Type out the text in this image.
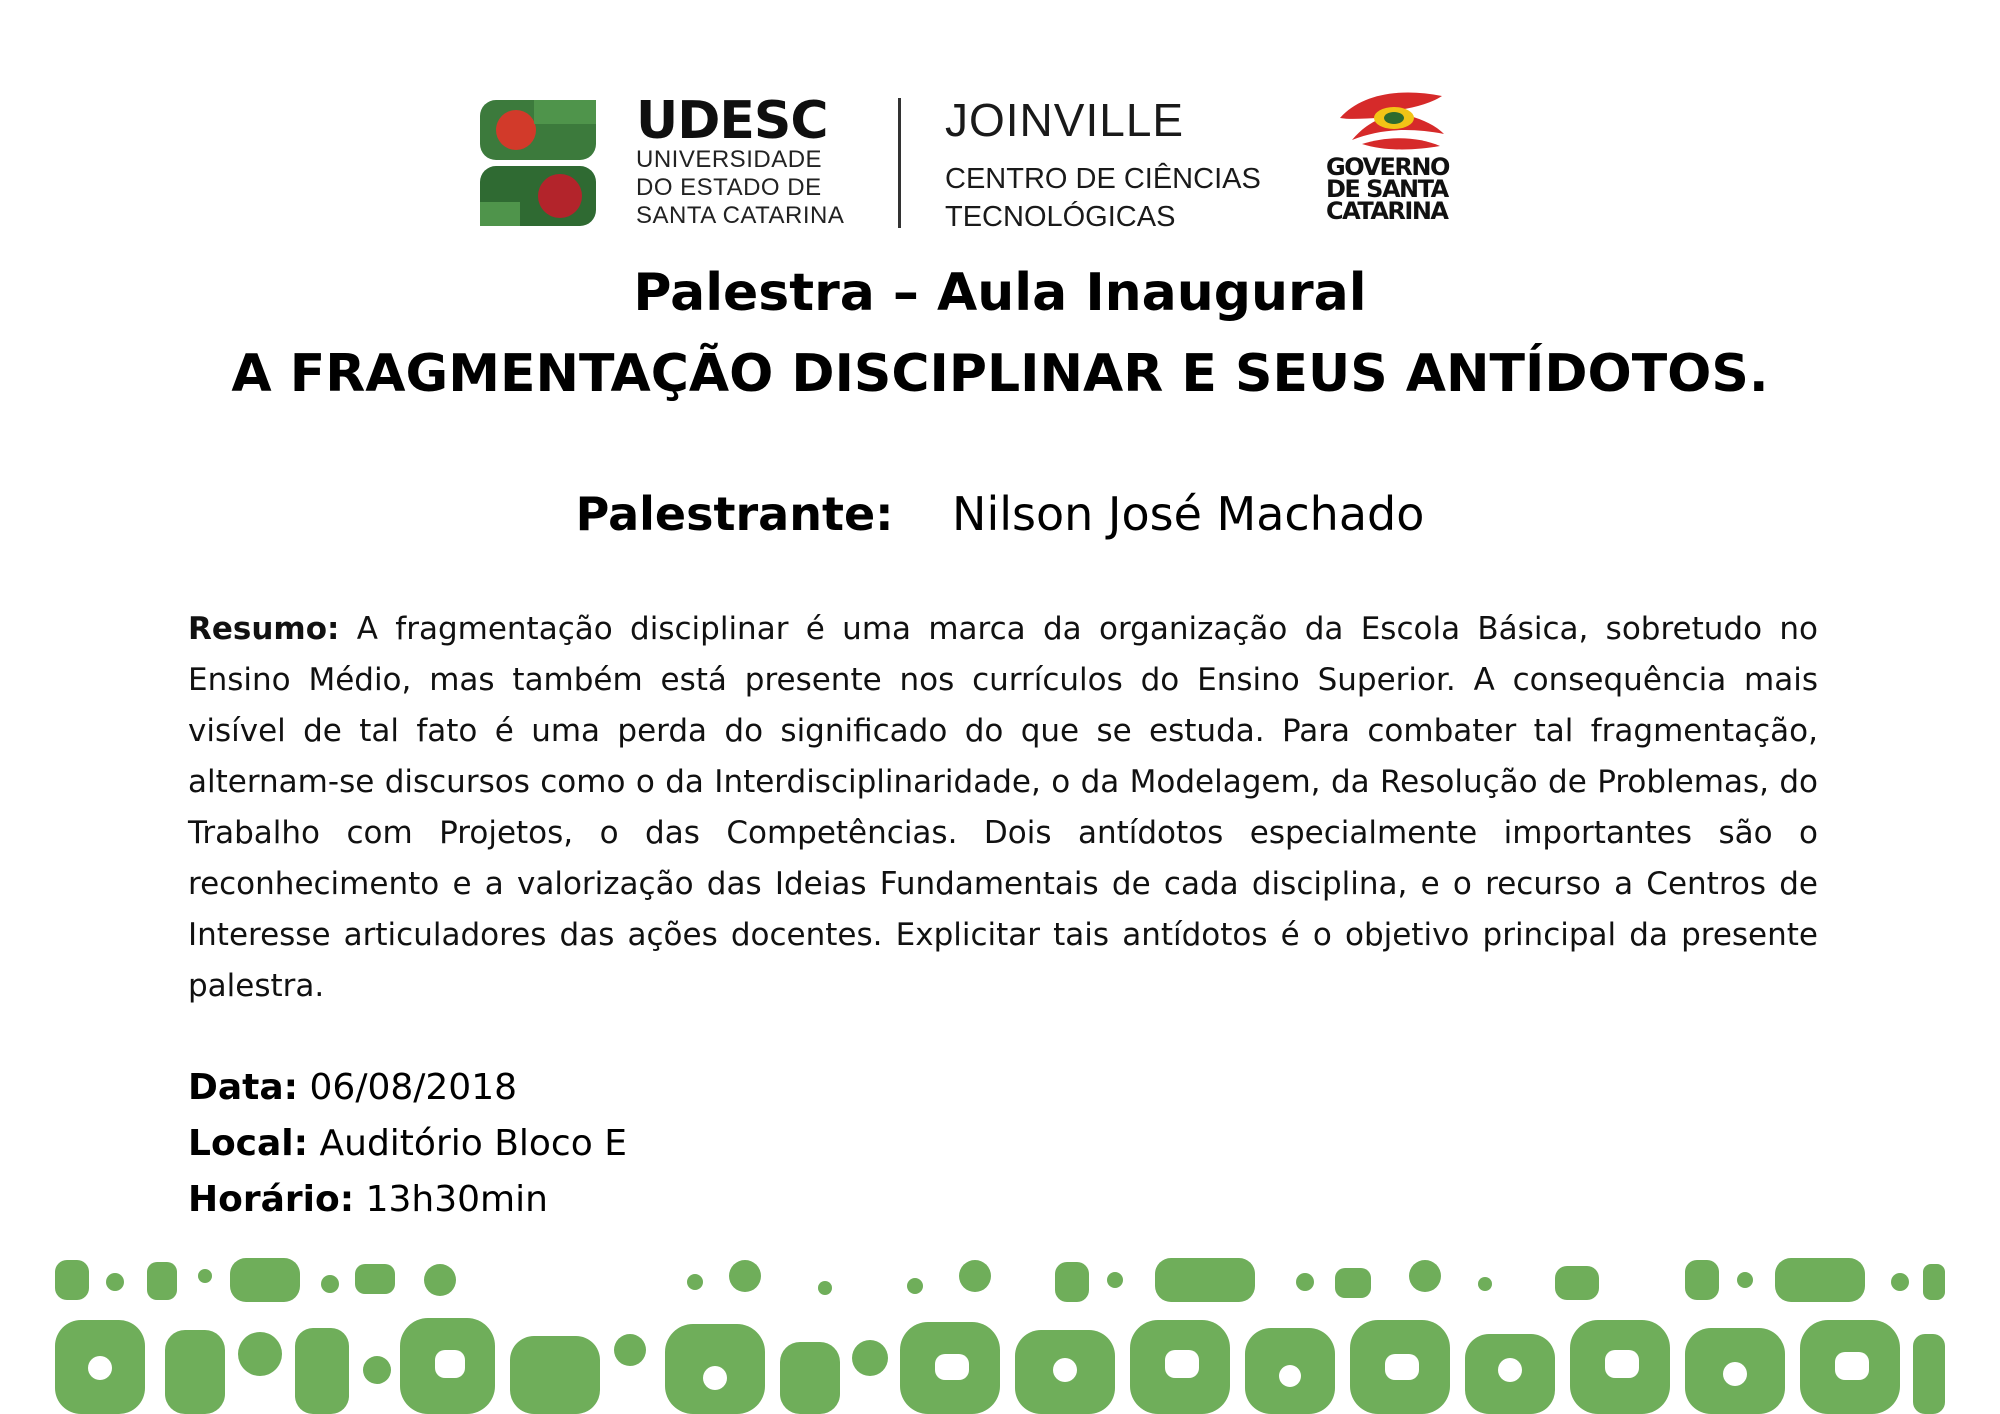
UDESC
UNIVERSIDADE
DO ESTADO DE
SANTA CATARINA
JOINVILLE
CENTRO DE CIÊNCIAS
TECNOLÓGICAS
GOVERNO
DE SANTA
CATARINA
Palestra – Aula Inaugural
A FRAGMENTAÇÃO DISCIPLINAR E SEUS ANTÍDOTOS.
Palestrante: Nilson José Machado
Resumo: A fragmentação disciplinar é uma marca da organização da Escola Básica, sobretudo no Ensino Médio, mas também está presente nos currículos do Ensino Superior. A consequência mais visível de tal fato é uma perda do significado do que se estuda. Para combater tal fragmentação, alternam-se discursos como o da Interdisciplinaridade, o da Modelagem, da Resolução de Problemas, do Trabalho com Projetos, o das Competências. Dois antídotos especialmente importantes são o reconhecimento e a valorização das Ideias Fundamentais de cada disciplina, e o recurso a Centros de Interesse articuladores das ações docentes. Explicitar tais antídotos é o objetivo principal da presente palestra.
Data: 06/08/2018
Local: Auditório Bloco E
Horário: 13h30min
